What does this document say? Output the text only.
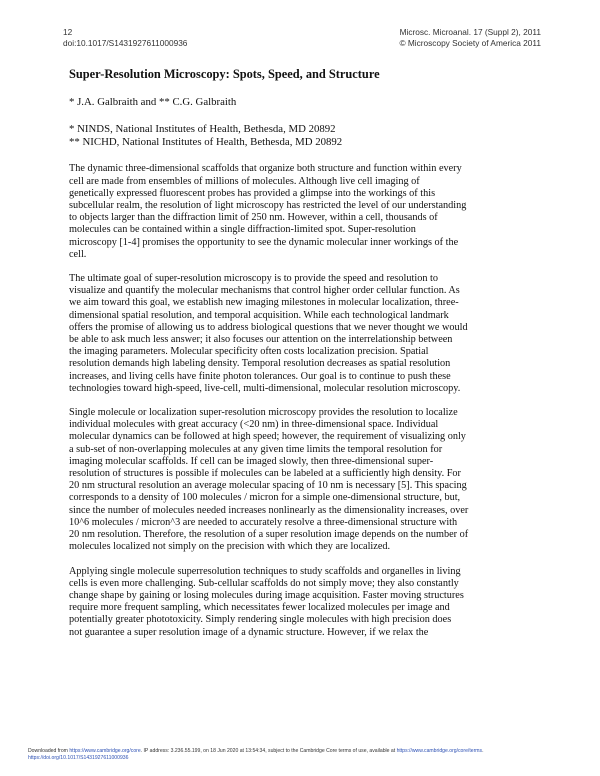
12
doi:10.1017/S1431927611000936
Microsc. Microanal. 17 (Suppl 2), 2011
© Microscopy Society of America 2011
Super-Resolution Microscopy: Spots, Speed, and Structure
* J.A. Galbraith and ** C.G. Galbraith
* NINDS, National Institutes of Health, Bethesda, MD 20892
** NICHD, National Institutes of Health, Bethesda, MD 20892
The dynamic three-dimensional scaffolds that organize both structure and function within every
cell are made from ensembles of millions of molecules. Although live cell imaging of
genetically expressed fluorescent probes has provided a glimpse into the workings of this
subcellular realm, the resolution of light microscopy has restricted the level of our understanding
to objects larger than the diffraction limit of 250 nm. However, within a cell, thousands of
molecules can be contained within a single diffraction-limited spot. Super-resolution
microscopy [1-4] promises the opportunity to see the dynamic molecular inner workings of the
cell.
The ultimate goal of super-resolution microscopy is to provide the speed and resolution to
visualize and quantify the molecular mechanisms that control higher order cellular function. As
we aim toward this goal, we establish new imaging milestones in molecular localization, three-
dimensional spatial resolution, and temporal acquisition. While each technological landmark
offers the promise of allowing us to address biological questions that we never thought we would
be able to ask much less answer; it also focuses our attention on the interrelationship between
the imaging parameters. Molecular specificity often costs localization precision. Spatial
resolution demands high labeling density. Temporal resolution decreases as spatial resolution
increases, and living cells have finite photon tolerances. Our goal is to continue to push these
technologies toward high-speed, live-cell, multi-dimensional, molecular resolution microscopy.
Single molecule or localization super-resolution microscopy provides the resolution to localize
individual molecules with great accuracy (<20 nm) in three-dimensional space. Individual
molecular dynamics can be followed at high speed; however, the requirement of visualizing only
a sub-set of non-overlapping molecules at any given time limits the temporal resolution for
imaging molecular scaffolds. If cell can be imaged slowly, then three-dimensional super-
resolution of structures is possible if molecules can be labeled at a sufficiently high density. For
20 nm structural resolution an average molecular spacing of 10 nm is necessary [5]. This spacing
corresponds to a density of 100 molecules / micron for a simple one-dimensional structure, but,
since the number of molecules needed increases nonlinearly as the dimensionality increases, over
10^6 molecules / micron^3 are needed to accurately resolve a three-dimensional structure with
20 nm resolution. Therefore, the resolution of a super resolution image depends on the number of
molecules localized not simply on the precision with which they are localized.
Applying single molecule superresolution techniques to study scaffolds and organelles in living
cells is even more challenging. Sub-cellular scaffolds do not simply move; they also constantly
change shape by gaining or losing molecules during image acquisition. Faster moving structures
require more frequent sampling, which necessitates fewer localized molecules per image and
potentially greater phototoxicity. Simply rendering single molecules with high precision does
not guarantee a super resolution image of a dynamic structure. However, if we relax the
Downloaded from https://www.cambridge.org/core. IP address: 3.236.55.199, on 18 Jun 2020 at 13:54:34, subject to the Cambridge Core terms of use, available at https://www.cambridge.org/core/terms.
https://doi.org/10.1017/S1431927611000936
